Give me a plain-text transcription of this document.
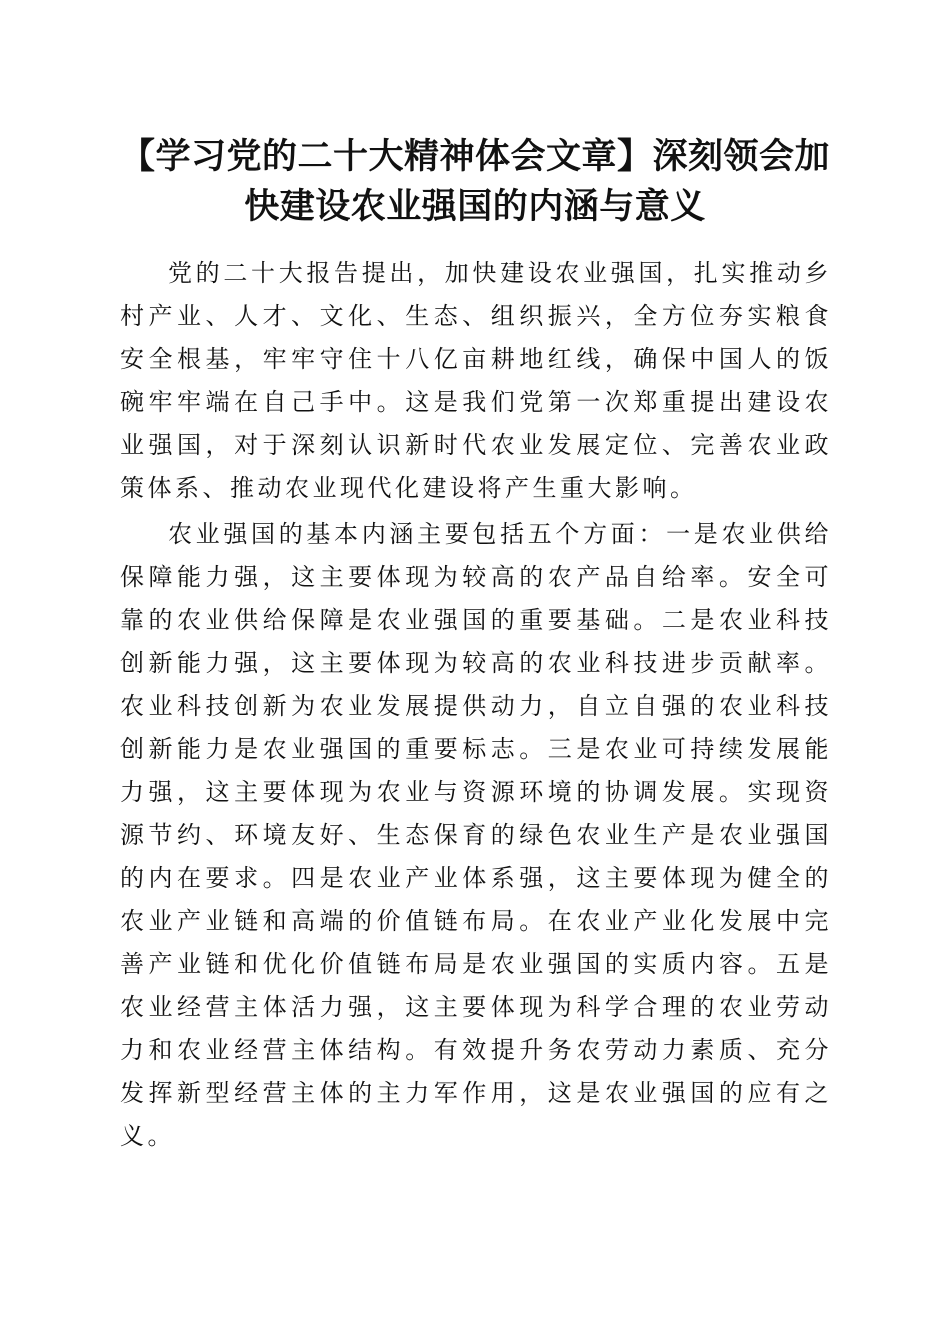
【学习党的二十大精神体会文章】深刻领会加
快建设农业强国的内涵与意义

党的二十大报告提出，加快建设农业强国，扎实推动乡村产业、人才、文化、生态、组织振兴，全方位夯实粮食安全根基，牢牢守住十八亿亩耕地红线，确保中国人的饭碗牢牢端在自己手中。这是我们党第一次郑重提出建设农业强国，对于深刻认识新时代农业发展定位、完善农业政策体系、推动农业现代化建设将产生重大影响。

农业强国的基本内涵主要包括五个方面：一是农业供给保障能力强，这主要体现为较高的农产品自给率。安全可靠的农业供给保障是农业强国的重要基础。二是农业科技创新能力强，这主要体现为较高的农业科技进步贡献率。农业科技创新为农业发展提供动力，自立自强的农业科技创新能力是农业强国的重要标志。三是农业可持续发展能力强，这主要体现为农业与资源环境的协调发展。实现资源节约、环境友好、生态保育的绿色农业生产是农业强国的内在要求。四是农业产业体系强，这主要体现为健全的农业产业链和高端的价值链布局。在农业产业化发展中完善产业链和优化价值链布局是农业强国的实质内容。五是农业经营主体活力强，这主要体现为科学合理的农业劳动力和农业经营主体结构。有效提升务农劳动力素质、充分发挥新型经营主体的主力军作用，这是农业强国的应有之义。
